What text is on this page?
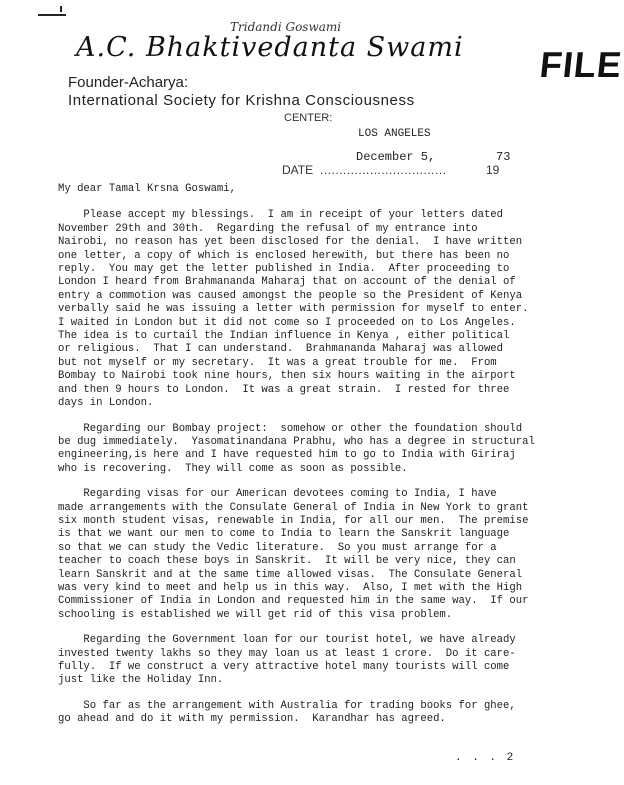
Tridandi Goswami
A.C. Bhaktivedanta Swami FILE
Founder-Acharya:
International Society for Krishna Consciousness
CENTER:
LOS ANGELES
December 5,	73
DATE .................................	19
My dear Tamal Krsna Goswami,
Please accept my blessings.  I am in receipt of your letters dated
November 29th and 30th.  Regarding the refusal of my entrance into
Nairobi, no reason has yet been disclosed for the denial.  I have written
one letter, a copy of which is enclosed herewith, but there has been no
reply.  You may get the letter published in India.  After proceeding to
London I heard from Brahmananda Maharaj that on account of the denial of
entry a commotion was caused amongst the people so the President of Kenya
verbally said he was issuing a letter with permission for myself to enter.
I waited in London but it did not come so I proceeded on to Los Angeles.
The idea is to curtail the Indian influence in Kenya , either political
or religious.  That I can understand.  Brahmananda Maharaj was allowed
but not myself or my secretary.  It was a great trouble for me.  From
Bombay to Nairobi took nine hours, then six hours waiting in the airport
and then 9 hours to London.  It was a great strain.  I rested for three
days in London.
Regarding our Bombay project:  somehow or other the foundation should
be dug immediately.  Yasomatinandana Prabhu, who has a degree in structural
engineering,is here and I have requested him to go to India with Giriraj
who is recovering.  They will come as soon as possible.
Regarding visas for our American devotees coming to India, I have
made arrangements with the Consulate General of India in New York to grant
six month student visas, renewable in India, for all our men.  The premise
is that we want our men to come to India to learn the Sanskrit language
so that we can study the Vedic literature.  So you must arrange for a
teacher to coach these boys in Sanskrit.  It will be very nice, they can
learn Sanskrit and at the same time allowed visas.  The Consulate General
was very kind to meet and help us in this way.  Also, I met with the High
Commissioner of India in London and requested him in the same way.  If our
schooling is established we will get rid of this visa problem.
Regarding the Government loan for our tourist hotel, we have already
invested twenty lakhs so they may loan us at least 1 crore.  Do it care-
fully.  If we construct a very attractive hotel many tourists will come
just like the Holiday Inn.
So far as the arrangement with Australia for trading books for ghee,
go ahead and do it with my permission.  Karandhar has agreed.
. . . 2
